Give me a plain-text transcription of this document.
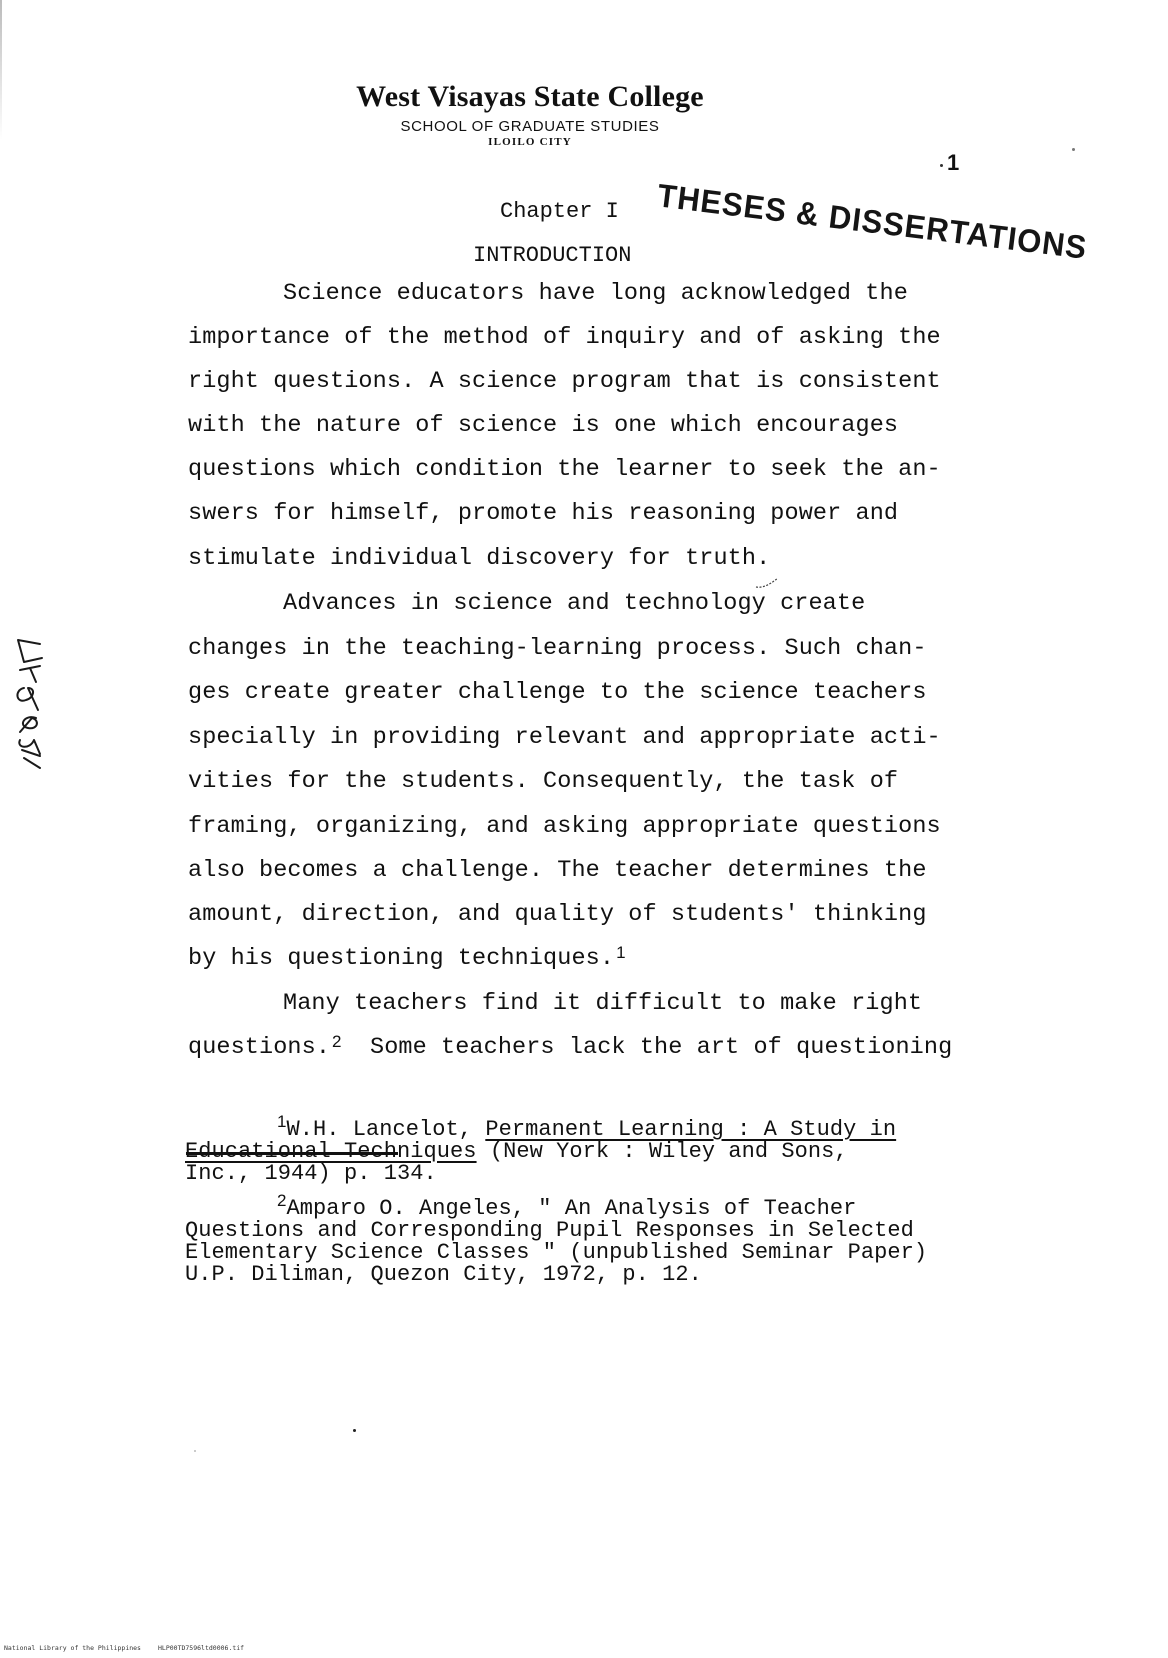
West Visayas State College
SCHOOL OF GRADUATE STUDIES
ILOILO CITY
1
THESES & DISSERTATIONS
Chapter I
INTRODUCTION
Science educators have long acknowledged the
importance of the method of inquiry and of asking the
right questions. A science program that is consistent
with the nature of science is one which encourages
questions which condition the learner to seek the an-
swers for himself, promote his reasoning power and
stimulate individual discovery for truth.
Advances in science and technology create
changes in the teaching-learning process. Such chan-
ges create greater challenge to the science teachers
specially in providing relevant and appropriate acti-
vities for the students. Consequently, the task of
framing, organizing, and asking appropriate questions
also becomes a challenge. The teacher determines the
amount, direction, and quality of students' thinking
by his questioning techniques. $^1$
Many teachers find it difficult to make right
questions. $^2$  Some teachers lack the art of questioning
$^1$W.H. Lancelot, Permanent Learning : A Study in
Educational Techniques (New York : Wiley and Sons,
Inc., 1944) p. 134.
$^2$Amparo O. Angeles, " An Analysis of Teacher
Questions and Corresponding Pupil Responses in Selected
Elementary Science Classes " (unpublished Seminar Paper)
U.P. Diliman, Quezon City, 1972, p. 12.
National Library of the Philippines	HLP00TD7596ltd0006.tif
